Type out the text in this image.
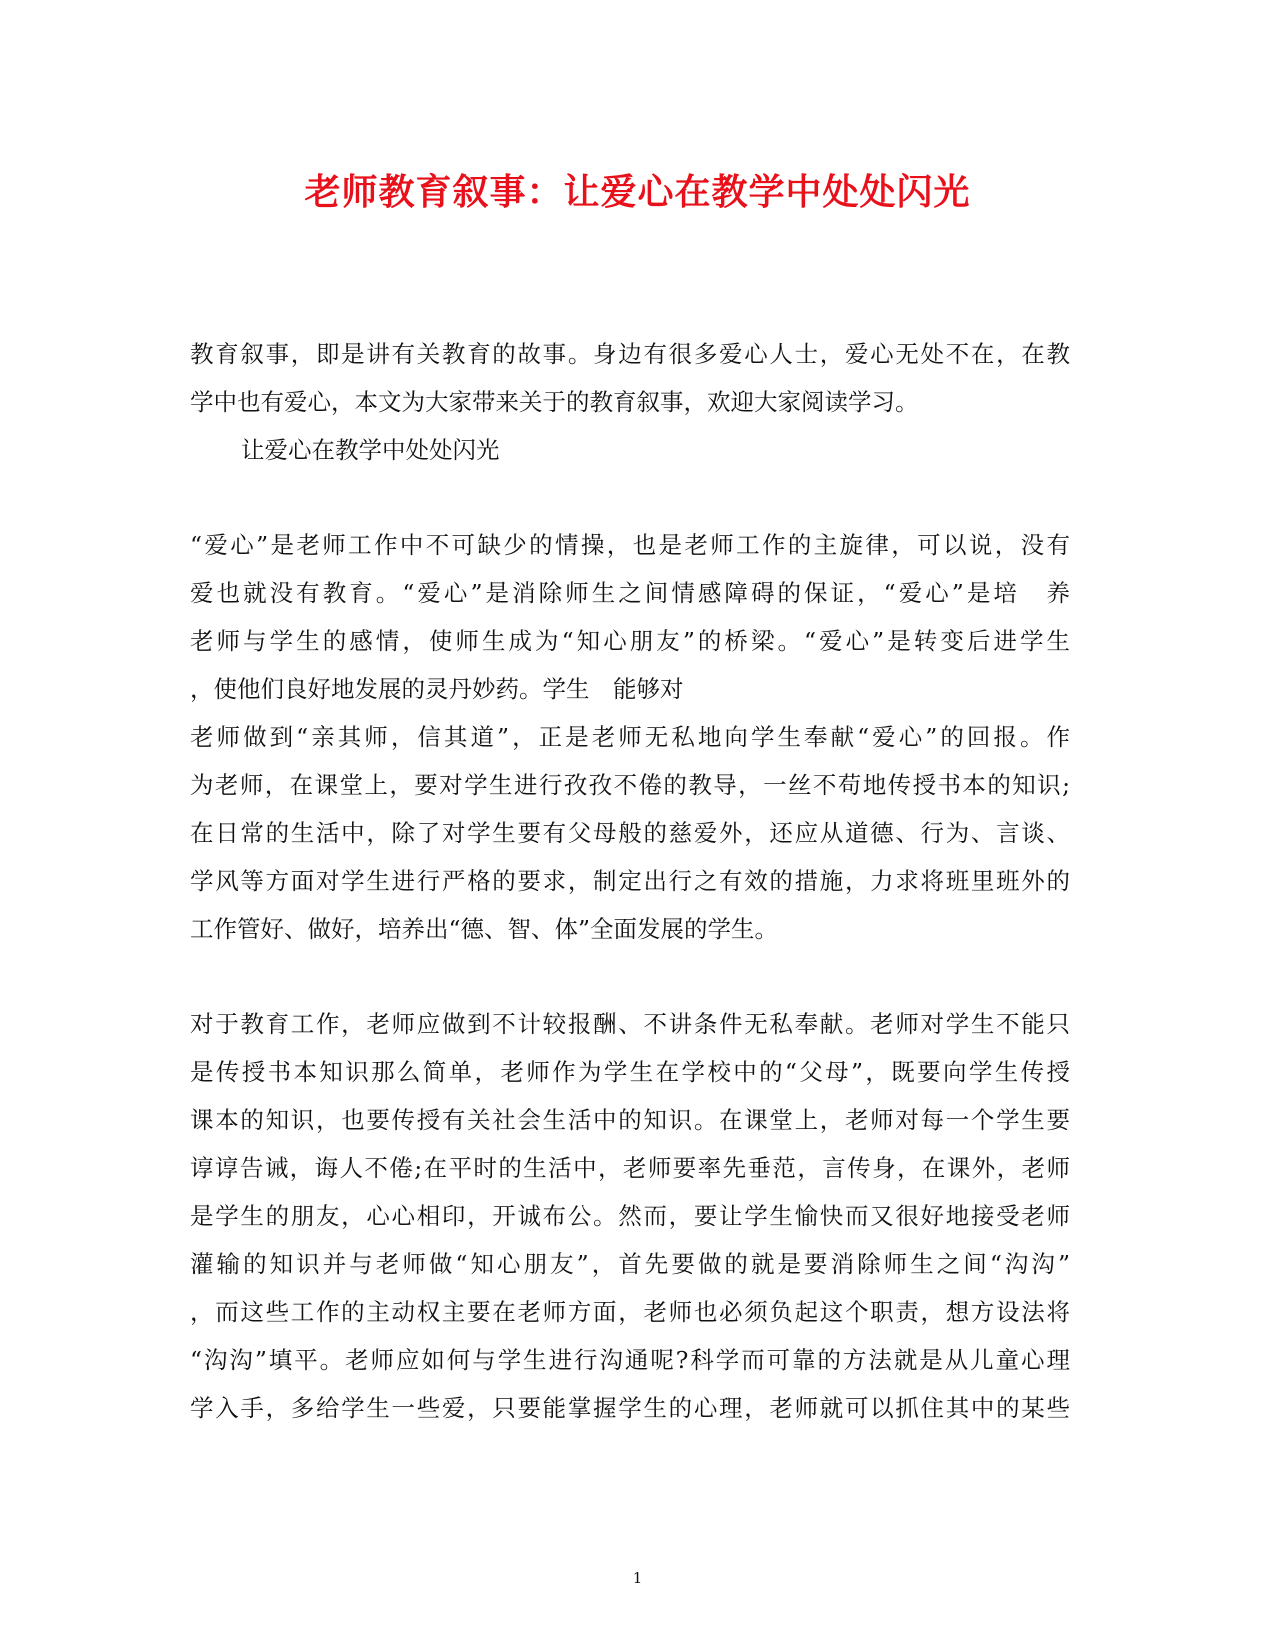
老师教育叙事：让爱心在教学中处处闪光
教育叙事，即是讲有关教育的故事。身边有很多爱心人士，爱心无处不在，在教
学中也有爱心，本文为大家带来关于的教育叙事，欢迎大家阅读学习。
让爱心在教学中处处闪光
“爱心”是老师工作中不可缺少的情操，也是老师工作的主旋律，可以说，没有
爱也就没有教育。“爱心”是消除师生之间情感障碍的保证，“爱心”是培　养
老师与学生的感情，使师生成为“知心朋友”的桥梁。“爱心”是转变后进学生
，使他们良好地发展的灵丹妙药。学生　能够对
老师做到“亲其师，信其道”，正是老师无私地向学生奉献“爱心”的回报。作
为老师，在课堂上，要对学生进行孜孜不倦的教导，一丝不苟地传授书本的知识;
在日常的生活中，除了对学生要有父母般的慈爱外，还应从道德、行为、言谈、
学风等方面对学生进行严格的要求，制定出行之有效的措施，力求将班里班外的
工作管好、做好，培养出“德、智、体”全面发展的学生。
对于教育工作，老师应做到不计较报酬、不讲条件无私奉献。老师对学生不能只
是传授书本知识那么简单，老师作为学生在学校中的“父母”，既要向学生传授
课本的知识，也要传授有关社会生活中的知识。在课堂上，老师对每一个学生要
谆谆告诫，诲人不倦;在平时的生活中，老师要率先垂范，言传身，在课外，老师
是学生的朋友，心心相印，开诚布公。然而，要让学生愉快而又很好地接受老师
灌输的知识并与老师做“知心朋友”，首先要做的就是要消除师生之间“沟沟”
，而这些工作的主动权主要在老师方面，老师也必须负起这个职责，想方设法将
“沟沟”填平。老师应如何与学生进行沟通呢?科学而可靠的方法就是从儿童心理
学入手，多给学生一些爱，只要能掌握学生的心理，老师就可以抓住其中的某些
1
